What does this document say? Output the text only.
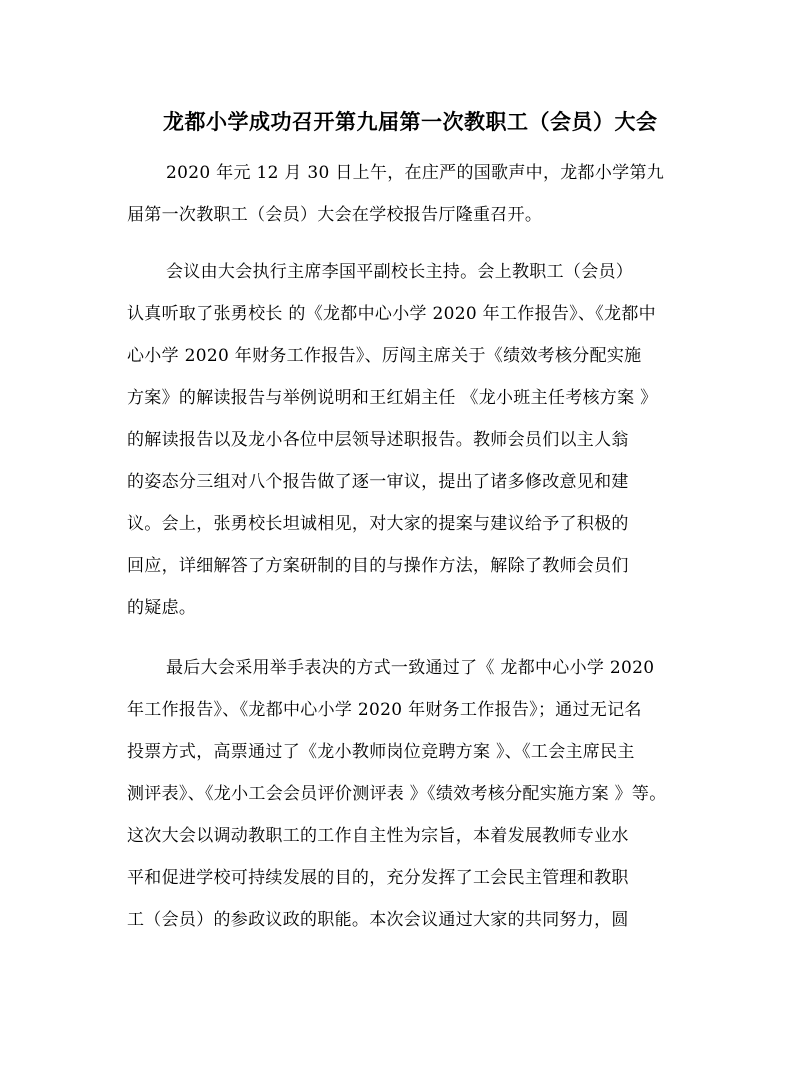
龙都小学成功召开第九届第一次教职工（会员）大会
2020 年元 12 月 30 日上午，在庄严的国歌声中，龙都小学第九
届第一次教职工（会员）大会在学校报告厅隆重召开。
会议由大会执行主席李国平副校长主持。会上教职工（会员）
认真听取了张勇校长 的《龙都中心小学 2020 年工作报告》、《龙都中
心小学 2020 年财务工作报告》、厉闯主席关于《绩效考核分配实施
方案》的解读报告与举例说明和王红娟主任 《龙小班主任考核方案 》
的解读报告以及龙小各位中层领导述职报告。教师会员们以主人翁
的姿态分三组对八个报告做了逐一审议，提出了诸多修改意见和建
议。会上，张勇校长坦诚相见，对大家的提案与建议给予了积极的
回应，详细解答了方案研制的目的与操作方法，解除了教师会员们
的疑虑。
最后大会采用举手表决的方式一致通过了《 龙都中心小学 2020
年工作报告》、《龙都中心小学 2020 年财务工作报告》；通过无记名
投票方式，高票通过了《龙小教师岗位竞聘方案 》、《工会主席民主
测评表》、《龙小工会会员评价测评表 》《绩效考核分配实施方案 》等。
这次大会以调动教职工的工作自主性为宗旨，本着发展教师专业水
平和促进学校可持续发展的目的，充分发挥了工会民主管理和教职
工（会员）的参政议政的职能。本次会议通过大家的共同努力，圆
